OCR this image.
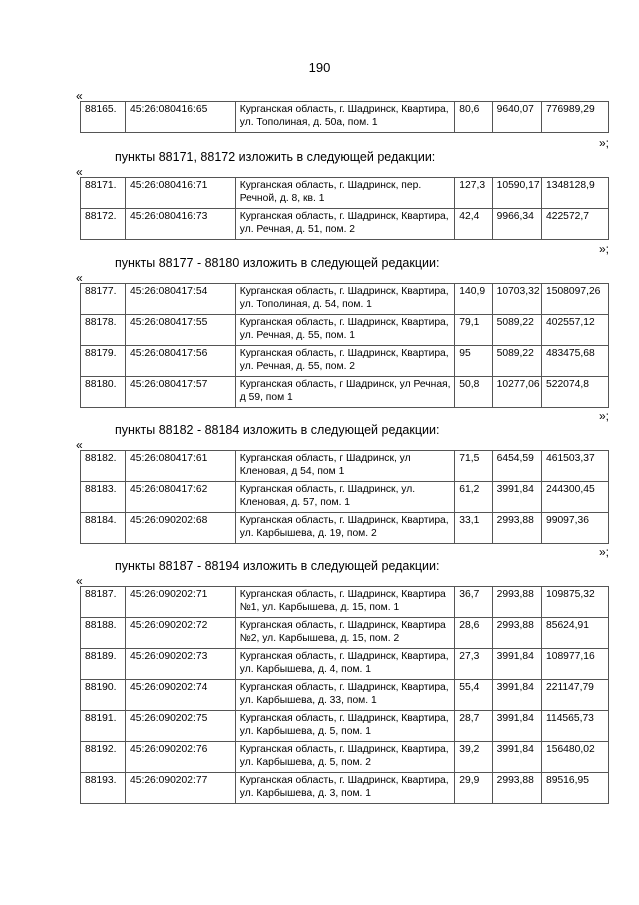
190
«
88165.	45:26:080416:65	Курганская область, г. Шадринск, Квартира, ул. Тополиная, д. 50а, пом. 1	80,6	9640,07	776989,29
»;
пункты 88171, 88172 изложить в следующей редакции:
«
88171.	45:26:080416:71	Курганская область, г. Шадринск, пер. Речной, д. 8, кв. 1	127,3	10590,17	1348128,9
88172.	45:26:080416:73	Курганская область, г. Шадринск, Квартира, ул. Речная, д. 51, пом. 2	42,4	9966,34	422572,7
»;
пункты 88177 - 88180 изложить в следующей редакции:
«
88177.	45:26:080417:54	Курганская область, г. Шадринск, Квартира, ул. Тополиная, д. 54, пом. 1	140,9	10703,32	1508097,26
88178.	45:26:080417:55	Курганская область, г. Шадринск, Квартира, ул. Речная, д. 55, пом. 1	79,1	5089,22	402557,12
88179.	45:26:080417:56	Курганская область, г. Шадринск, Квартира, ул. Речная, д. 55, пом. 2	95	5089,22	483475,68
88180.	45:26:080417:57	Курганская область, г Шадринск, ул Речная, д 59, пом 1	50,8	10277,06	522074,8
»;
пункты 88182 - 88184 изложить в следующей редакции:
«
88182.	45:26:080417:61	Курганская область, г Шадринск, ул Кленовая, д 54, пом 1	71,5	6454,59	461503,37
88183.	45:26:080417:62	Курганская область, г. Шадринск, ул. Кленовая, д. 57, пом. 1	61,2	3991,84	244300,45
88184.	45:26:090202:68	Курганская область, г. Шадринск, Квартира, ул. Карбышева, д. 19, пом. 2	33,1	2993,88	99097,36
»;
пункты 88187 - 88194 изложить в следующей редакции:
«
88187.	45:26:090202:71	Курганская область, г. Шадринск, Квартира №1, ул. Карбышева, д. 15, пом. 1	36,7	2993,88	109875,32
88188.	45:26:090202:72	Курганская область, г. Шадринск, Квартира №2, ул. Карбышева, д. 15, пом. 2	28,6	2993,88	85624,91
88189.	45:26:090202:73	Курганская область, г. Шадринск, Квартира, ул. Карбышева, д. 4, пом. 1	27,3	3991,84	108977,16
88190.	45:26:090202:74	Курганская область, г. Шадринск, Квартира, ул. Карбышева, д. 33, пом. 1	55,4	3991,84	221147,79
88191.	45:26:090202:75	Курганская область, г. Шадринск, Квартира, ул. Карбышева, д. 5, пом. 1	28,7	3991,84	114565,73
88192.	45:26:090202:76	Курганская область, г. Шадринск, Квартира, ул. Карбышева, д. 5, пом. 2	39,2	3991,84	156480,02
88193.	45:26:090202:77	Курганская область, г. Шадринск, Квартира, ул. Карбышева, д. 3, пом. 1	29,9	2993,88	89516,95
